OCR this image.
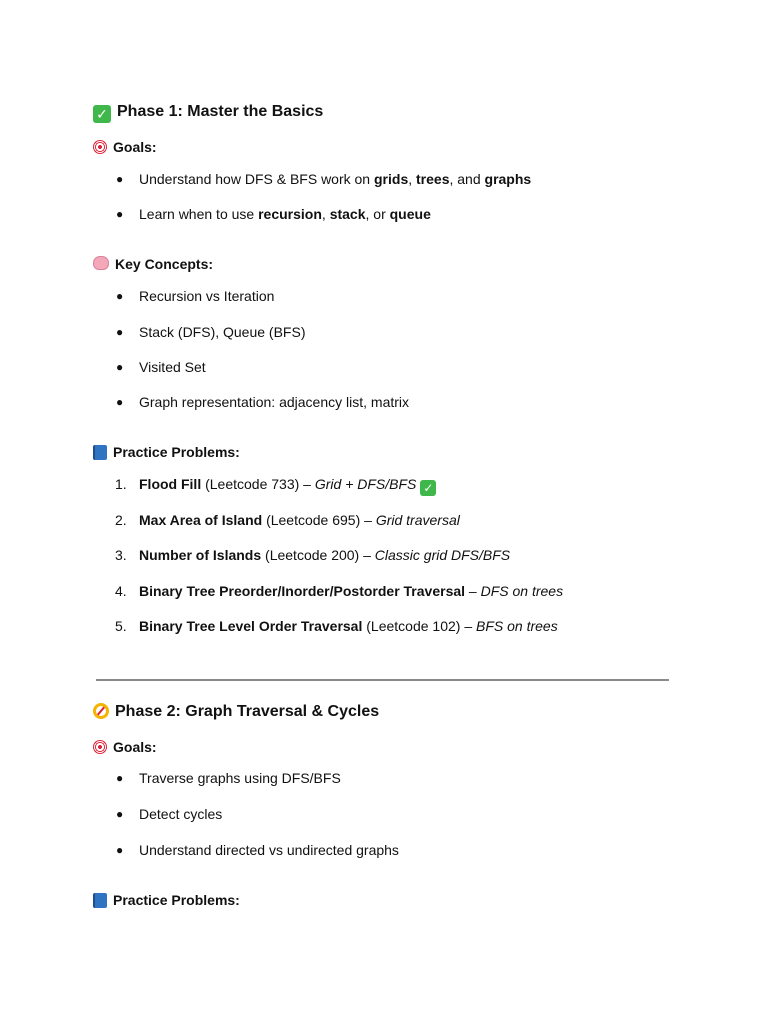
✓ Phase 1: Master the Basics
Goals:
● Understand how DFS & BFS work on grids, trees, and graphs
● Learn when to use recursion, stack, or queue
Key Concepts:
● Recursion vs Iteration
● Stack (DFS), Queue (BFS)
● Visited Set
● Graph representation: adjacency list, matrix
Practice Problems:
1. Flood Fill (Leetcode 733) – Grid + DFS/BFS ✓
2. Max Area of Island (Leetcode 695) – Grid traversal
3. Number of Islands (Leetcode 200) – Classic grid DFS/BFS
4. Binary Tree Preorder/Inorder/Postorder Traversal – DFS on trees
5. Binary Tree Level Order Traversal (Leetcode 102) – BFS on trees
Phase 2: Graph Traversal & Cycles
Goals:
● Traverse graphs using DFS/BFS
● Detect cycles
● Understand directed vs undirected graphs
Practice Problems:
